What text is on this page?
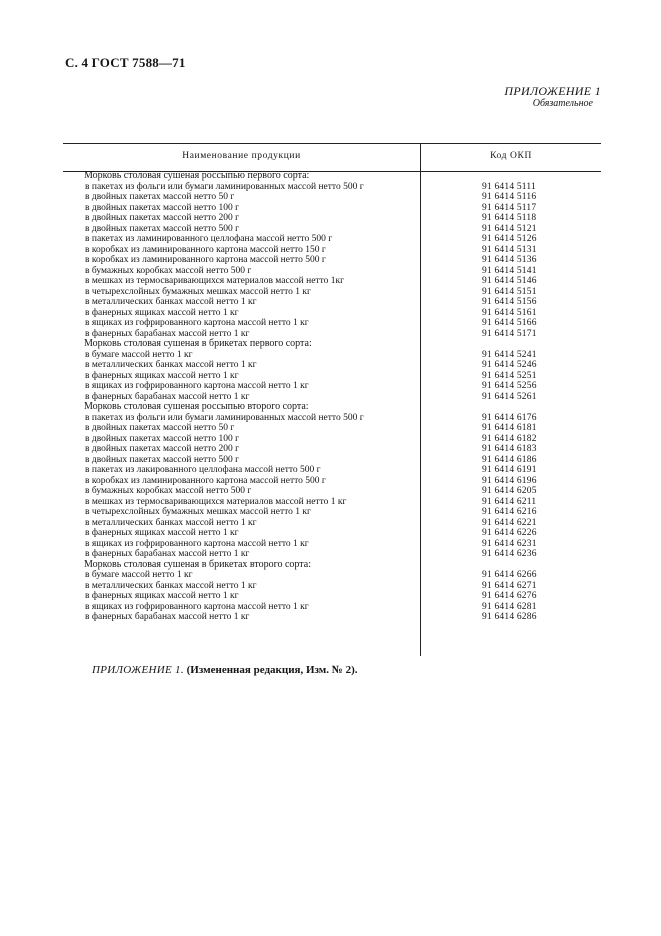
С. 4 ГОСТ 7588—71
ПРИЛОЖЕНИЕ 1
Обязательное
Наименование продукции	Код ОКП
Морковь столовая сушеная россыпью первого сорта:
в пакетах из фольги или бумаги ламинированных массой нетто 500 г	91 6414 5111
в двойных пакетах массой нетто 50 г	91 6414 5116
в двойных пакетах массой нетто 100 г	91 6414 5117
в двойных пакетах массой нетто 200 г	91 6414 5118
в двойных пакетах массой нетто 500 г	91 6414 5121
в пакетах из ламинированного целлофана массой нетто 500 г	91 6414 5126
в коробках из ламинированного картона массой нетто 150 г	91 6414 5131
в коробках из ламинированного картона массой нетто 500 г	91 6414 5136
в бумажных коробках массой нетто 500 г	91 6414 5141
в мешках из термосваривающихся материалов массой нетто 1кг	91 6414 5146
в четырехслойных бумажных мешках массой нетто 1 кг	91 6414 5151
в металлических банках массой нетто 1 кг	91 6414 5156
в фанерных ящиках массой нетто 1 кг	91 6414 5161
в ящиках из гофрированного картона массой нетто 1 кг	91 6414 5166
в фанерных барабанах массой нетто 1 кг	91 6414 5171
Морковь столовая сушеная в брикетах первого сорта:
в бумаге массой нетто 1 кг	91 6414 5241
в металлических банках массой нетто 1 кг	91 6414 5246
в фанерных ящиках массой нетто 1 кг	91 6414 5251
в ящиках из гофрированного картона массой нетто 1 кг	91 6414 5256
в фанерных барабанах массой нетто 1 кг	91 6414 5261
Морковь столовая сушеная россыпью второго сорта:
в пакетах из фольги или бумаги ламинированных массой нетто 500 г	91 6414 6176
в двойных пакетах массой нетто 50 г	91 6414 6181
в двойных пакетах массой нетто 100 г	91 6414 6182
в двойных пакетах массой нетто 200 г	91 6414 6183
в двойных пакетах массой нетто 500 г	91 6414 6186
в пакетах из лакированного целлофана массой нетто 500 г	91 6414 6191
в коробках из ламинированного картона массой нетто 500 г	91 6414 6196
в бумажных коробках массой нетто 500 г	91 6414 6205
в мешках из термосваривающихся материалов массой нетто 1 кг	91 6414 6211
в четырехслойных бумажных мешках массой нетто 1 кг	91 6414 6216
в металлических банках массой нетто 1 кг	91 6414 6221
в фанерных ящиках массой нетто 1 кг	91 6414 6226
в ящиках из гофрированного картона массой нетто 1 кг	91 6414 6231
в фанерных барабанах массой нетто 1 кг	91 6414 6236
Морковь столовая сушеная в брикетах второго сорта:
в бумаге массой нетто 1 кг	91 6414 6266
в металлических банках массой нетто 1 кг	91 6414 6271
в фанерных ящиках массой нетто 1 кг	91 6414 6276
в ящиках из гофрированного картона массой нетто 1 кг	91 6414 6281
в фанерных барабанах массой нетто 1 кг	91 6414 6286
ПРИЛОЖЕНИЕ 1. (Измененная редакция, Изм. № 2).
